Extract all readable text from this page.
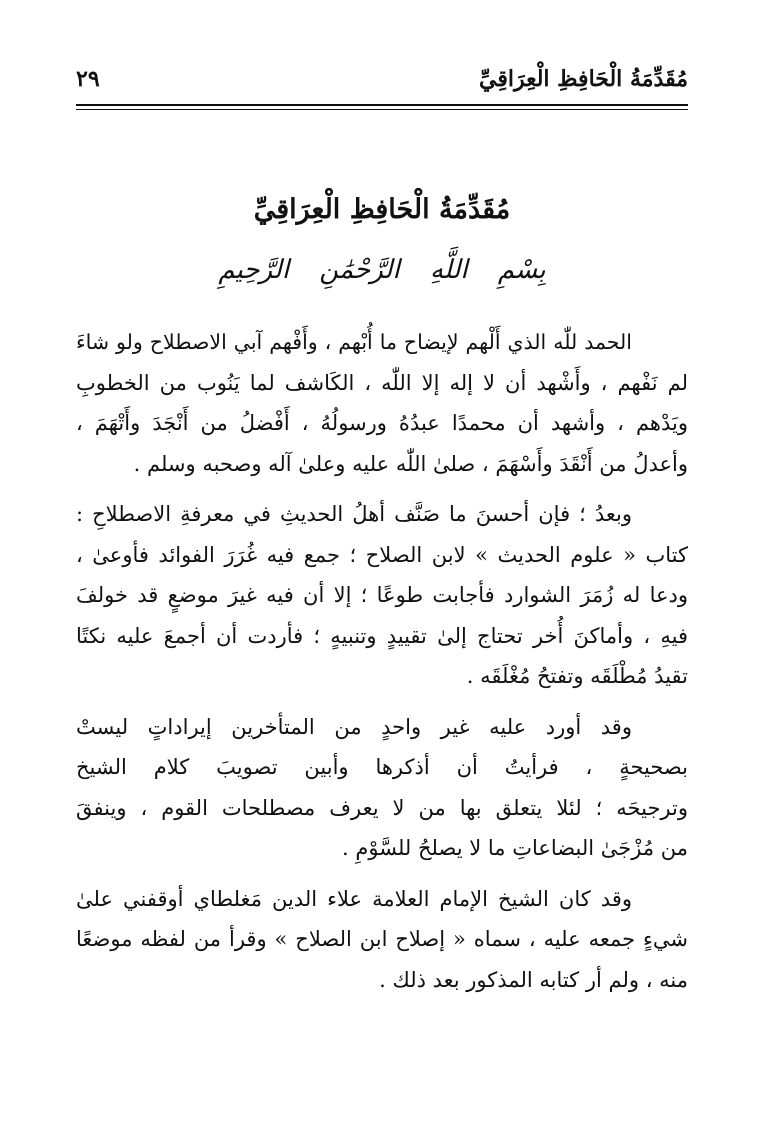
مُقَدِّمَةُ الْحَافِظِ الْعِرَاقِيِّ
٢٩
مُقَدِّمَةُ الْحَافِظِ الْعِرَاقِيِّ
بِسْمِ اللَّهِ الرَّحْمَٰنِ الرَّحِيمِ

الحمد للّٰه الذي أَلْهم لإيضاح ما أُبْهم ، وأَفْهم آبي الاصطلاح ولو شاءَ
لم نَفْهم ، وأَشْهد أن لا إله إلا اللّٰه ، الكَاشف لما يَنُوب من الخطوبِ
ويَدْهم ، وأشهد أن محمدًا عبدُهُ ورسولُهُ ، أَفْضلُ من أَنْجَدَ وأَتْهَمَ ،
وأعدلُ من أَنْقَدَ وأَسْهَمَ ، صلىٰ اللّٰه عليه وعلىٰ آله وصحبه وسلم .

وبعدُ ؛ فإن أحسنَ ما صَنَّف أهلُ الحديثِ في معرفةِ الاصطلاحِ :
كتاب « علوم الحديث » لابن الصلاح ؛ جمع فيه غُرَرَ الفوائد فأوعىٰ ،
ودعا له زُمَرَ الشوارد فأجابت طوعًا ؛ إلا أن فيه غيرَ موضعٍ قد خولفَ
فيهِ ، وأماكنَ أُخر تحتاج إلىٰ تقييدٍ وتنبيهٍ ؛ فأردت أن أجمعَ عليه نكتًا
تقيدُ مُطْلَقَه وتفتحُ مُغْلَقَه .

وقد أورد عليه غير واحدٍ من المتأخرين إيراداتٍ ليستْ
بصحيحةٍ ، فرأيتُ أن أذكرها وأبين تصويبَ كلام الشيخ
وترجيحَه ؛ لئلا يتعلق بها من لا يعرف مصطلحات القوم ، وينفقَ
من مُزْجَىٰ البضاعاتِ ما لا يصلحُ للسَّوْمِ .

وقد كان الشيخ الإمام العلامة علاء الدين مَغلطاي أوقفني علىٰ
شيءٍ جمعه عليه ، سماه « إصلاح ابن الصلاح » وقرأ من لفظه موضعًا
منه ، ولم أر كتابه المذكور بعد ذلك .
